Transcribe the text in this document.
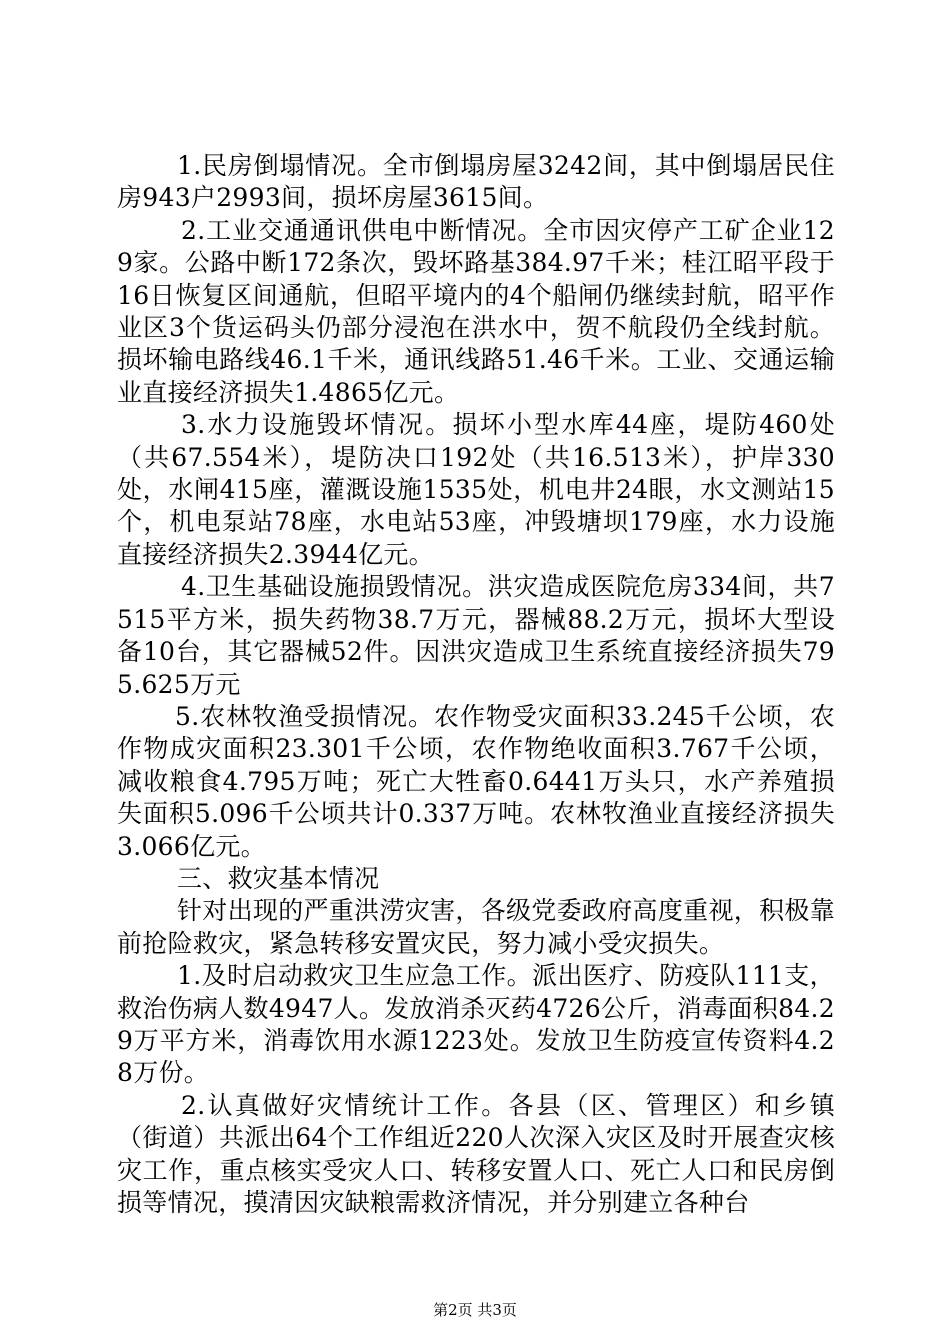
1.民房倒塌情况。全市倒塌房屋3242间，其中倒塌居民住房943户2993间，损坏房屋3615间。

2.工业交通通讯供电中断情况。全市因灾停产工矿企业129家。公路中断172条次，毁坏路基384.97千米；桂江昭平段于16日恢复区间通航，但昭平境内的4个船闸仍继续封航，昭平作业区3个货运码头仍部分浸泡在洪水中，贺不航段仍全线封航。损坏输电路线46.1千米，通讯线路51.46千米。工业、交通运输业直接经济损失1.4865亿元。

3.水力设施毁坏情况。损坏小型水库44座，堤防460处（共67.554米），堤防决口192处（共16.513米），护岸330处，水闸415座，灌溉设施1535处，机电井24眼，水文测站15个，机电泵站78座，水电站53座，冲毁塘坝179座，水力设施直接经济损失2.3944亿元。

4.卫生基础设施损毁情况。洪灾造成医院危房334间，共7515平方米，损失药物38.7万元，器械88.2万元，损坏大型设备10台，其它器械52件。因洪灾造成卫生系统直接经济损失795.625万元

5.农林牧渔受损情况。农作物受灾面积33.245千公顷，农作物成灾面积23.301千公顷，农作物绝收面积3.767千公顷，减收粮食4.795万吨；死亡大牲畜0.6441万头只，水产养殖损失面积5.096千公顷共计0.337万吨。农林牧渔业直接经济损失3.066亿元。

三、救灾基本情况

针对出现的严重洪涝灾害，各级党委政府高度重视，积极靠前抢险救灾，紧急转移安置灾民，努力减小受灾损失。

1.及时启动救灾卫生应急工作。派出医疗、防疫队111支，救治伤病人数4947人。发放消杀灭药4726公斤，消毒面积84.29万平方米，消毒饮用水源1223处。发放卫生防疫宣传资料4.28万份。

2.认真做好灾情统计工作。各县（区、管理区）和乡镇（街道）共派出64个工作组近220人次深入灾区及时开展查灾核灾工作，重点核实受灾人口、转移安置人口、死亡人口和民房倒损等情况，摸清因灾缺粮需救济情况，并分别建立各种台

第2页 共3页
